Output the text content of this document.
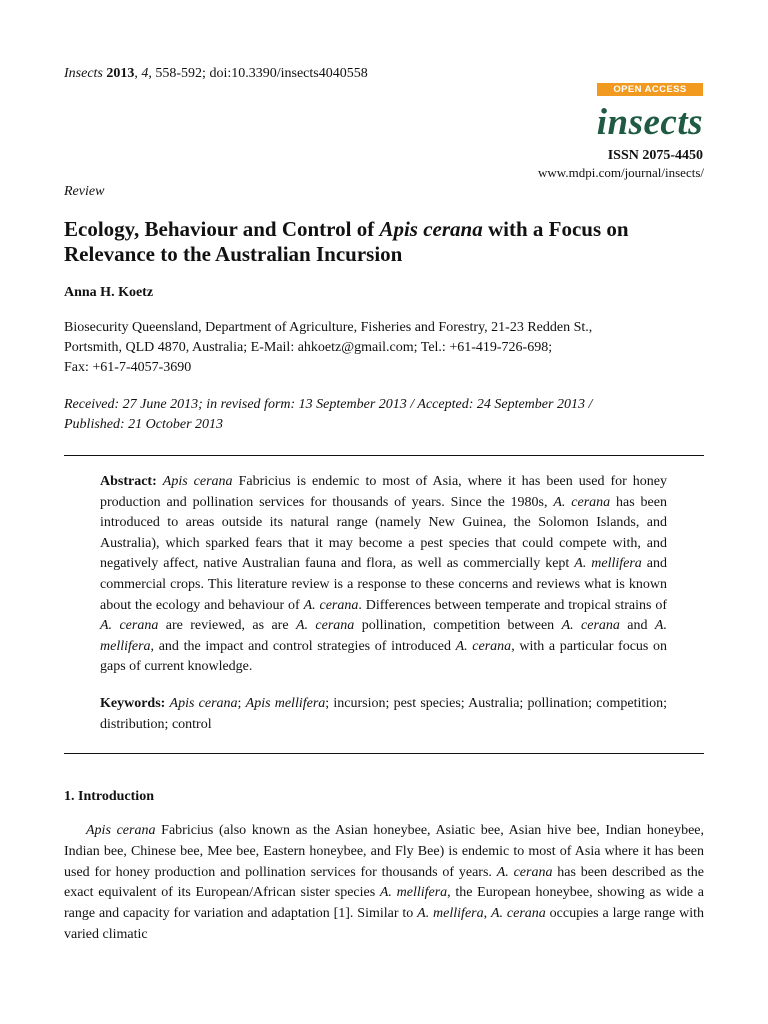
Insects 2013, 4, 558-592; doi:10.3390/insects4040558
OPEN ACCESS
insects
ISSN 2075-4450
www.mdpi.com/journal/insects/
Review
Ecology, Behaviour and Control of Apis cerana with a Focus on Relevance to the Australian Incursion
Anna H. Koetz
Biosecurity Queensland, Department of Agriculture, Fisheries and Forestry, 21-23 Redden St.,
Portsmith, QLD 4870, Australia; E-Mail: ahkoetz@gmail.com; Tel.: +61-419-726-698;
Fax: +61-7-4057-3690
Received: 27 June 2013; in revised form: 13 September 2013 / Accepted: 24 September 2013 /
Published: 21 October 2013
Abstract: Apis cerana Fabricius is endemic to most of Asia, where it has been used for honey production and pollination services for thousands of years. Since the 1980s, A. cerana has been introduced to areas outside its natural range (namely New Guinea, the Solomon Islands, and Australia), which sparked fears that it may become a pest species that could compete with, and negatively affect, native Australian fauna and flora, as well as commercially kept A. mellifera and commercial crops. This literature review is a response to these concerns and reviews what is known about the ecology and behaviour of A. cerana. Differences between temperate and tropical strains of A. cerana are reviewed, as are A. cerana pollination, competition between A. cerana and A. mellifera, and the impact and control strategies of introduced A. cerana, with a particular focus on gaps of current knowledge.
Keywords: Apis cerana; Apis mellifera; incursion; pest species; Australia; pollination; competition; distribution; control
1. Introduction
Apis cerana Fabricius (also known as the Asian honeybee, Asiatic bee, Asian hive bee, Indian honeybee, Indian bee, Chinese bee, Mee bee, Eastern honeybee, and Fly Bee) is endemic to most of Asia where it has been used for honey production and pollination services for thousands of years. A. cerana has been described as the exact equivalent of its European/African sister species A. mellifera, the European honeybee, showing as wide a range and capacity for variation and adaptation [1]. Similar to A. mellifera, A. cerana occupies a large range with varied climatic
